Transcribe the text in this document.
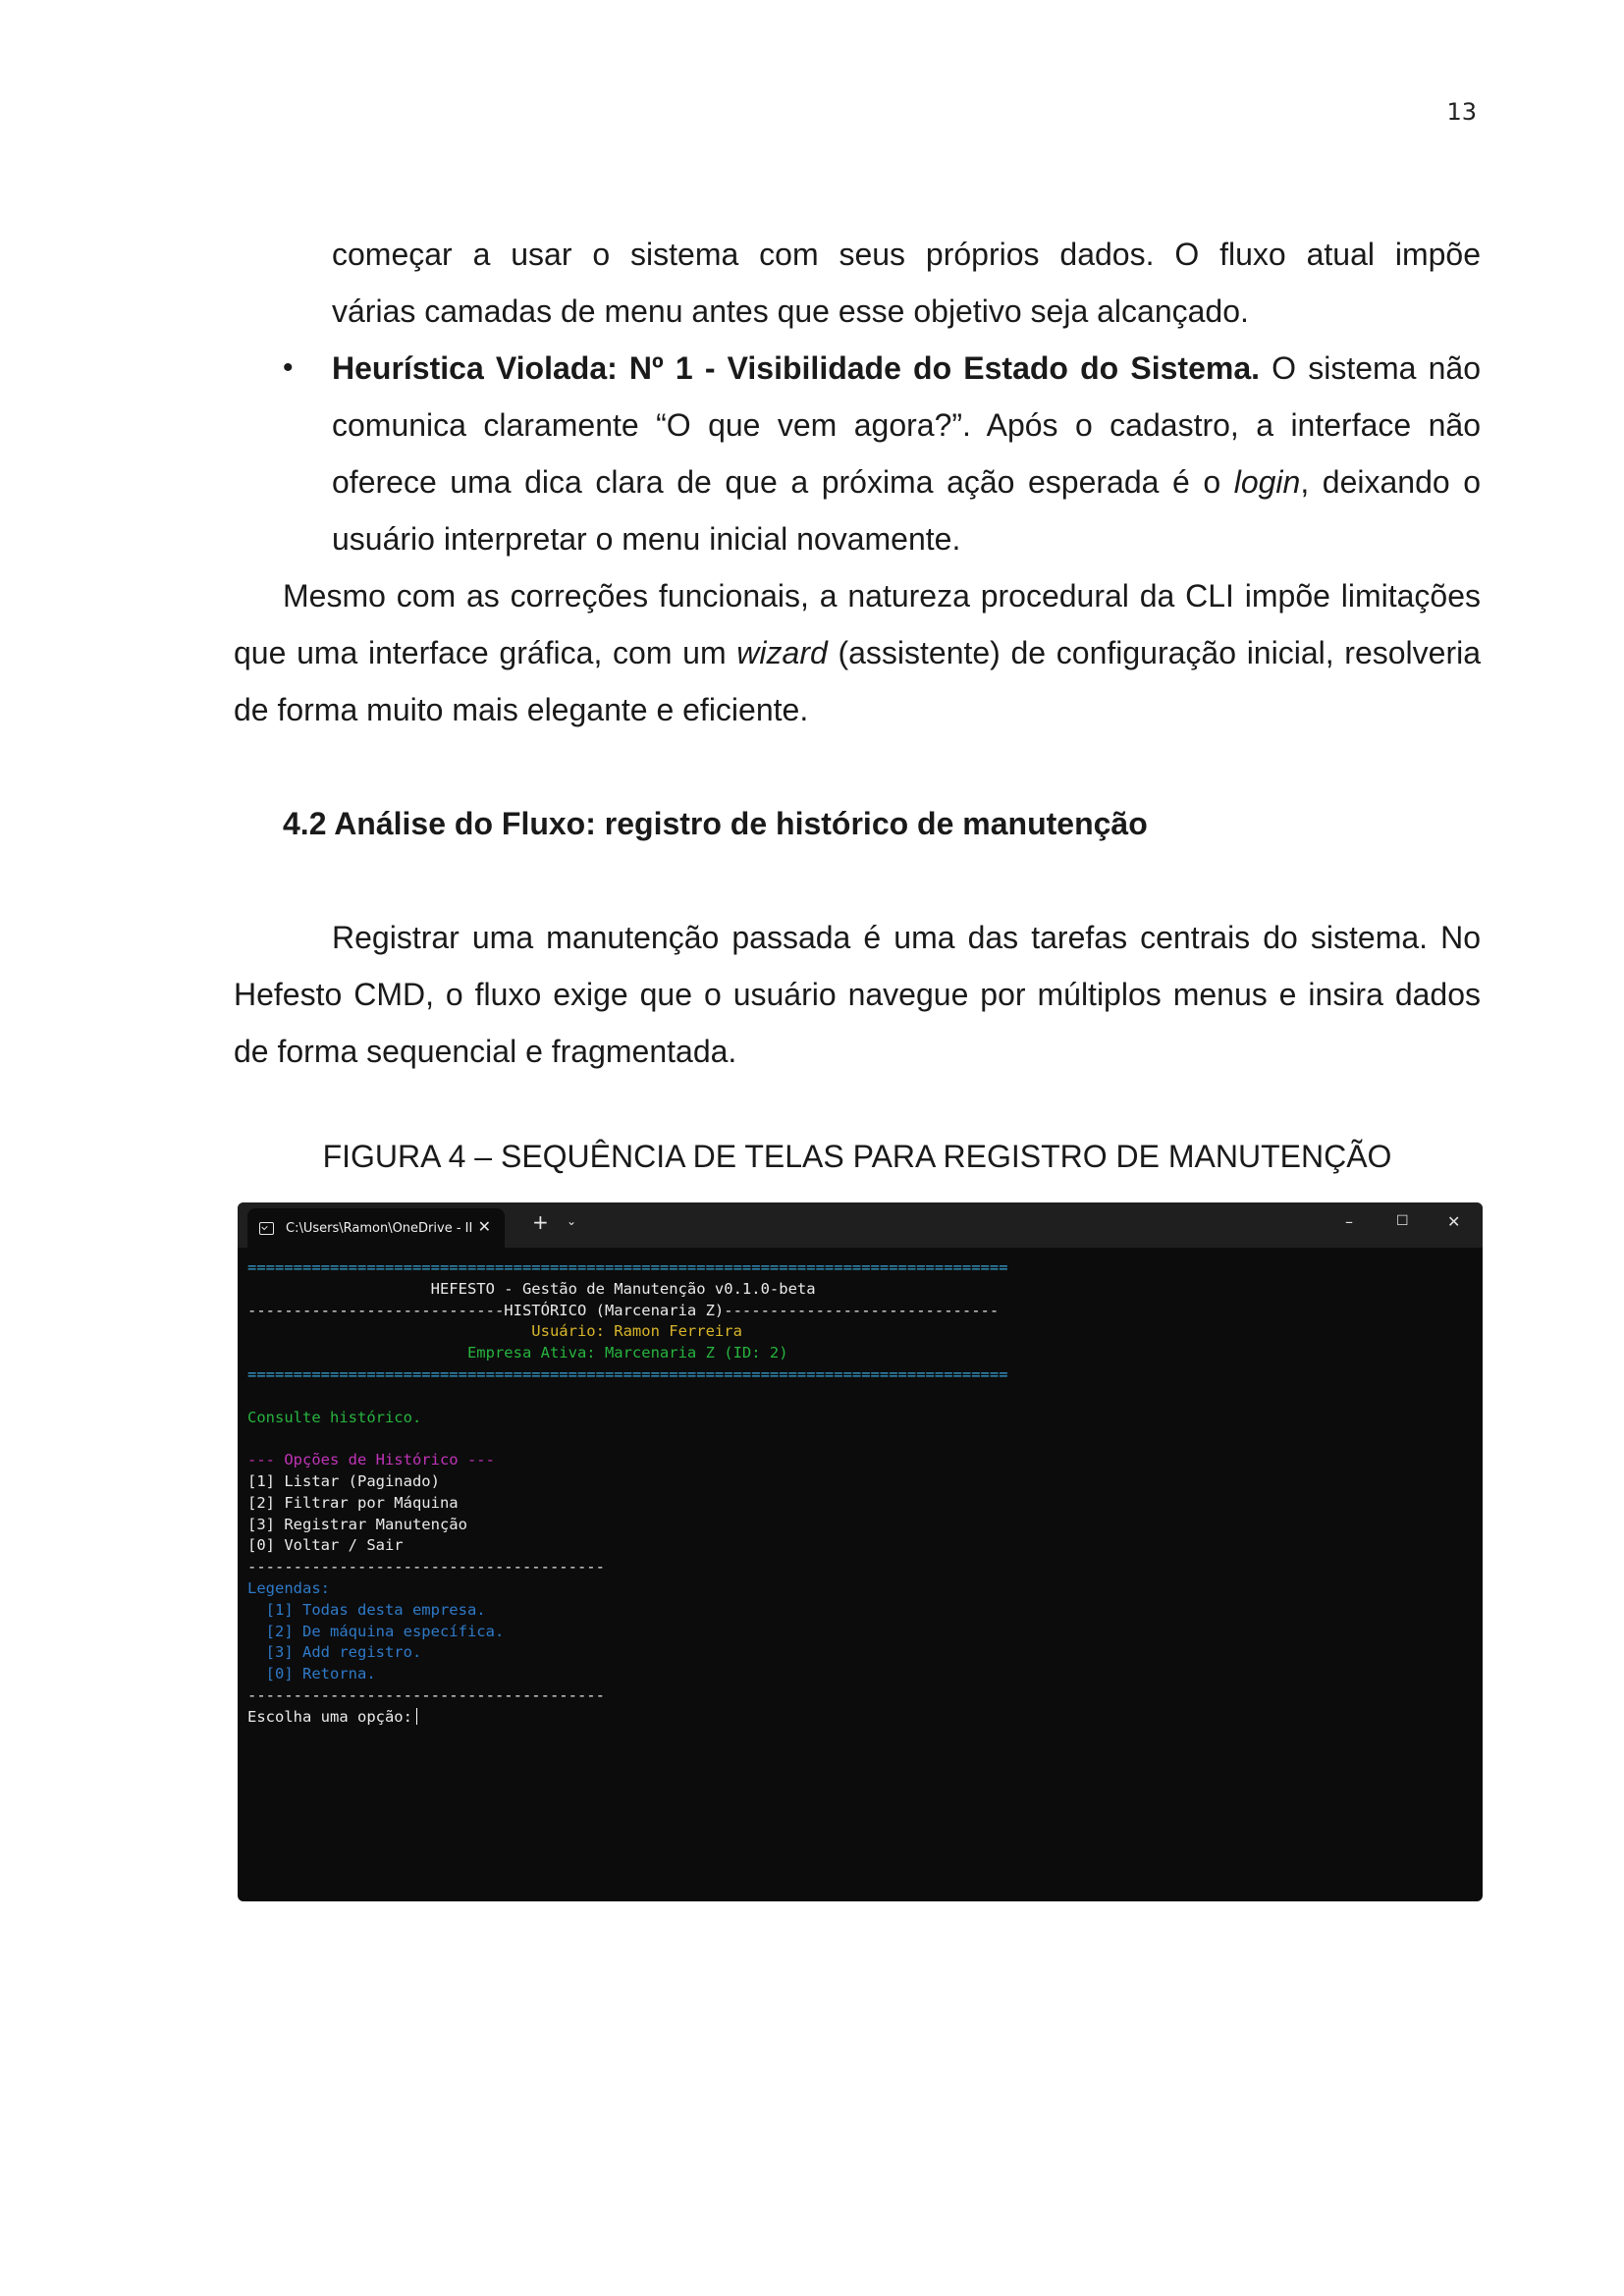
13

começar a usar o sistema com seus próprios dados. O fluxo atual impõe
várias camadas de menu antes que esse objetivo seja alcançado.

• Heurística Violada: Nº 1 - Visibilidade do Estado do Sistema. O sistema não comunica claramente “O que vem agora?”. Após o cadastro, a interface não oferece uma dica clara de que a próxima ação esperada é o login, deixando o usuário interpretar o menu inicial novamente.

Mesmo com as correções funcionais, a natureza procedural da CLI impõe limitações que uma interface gráfica, com um wizard (assistente) de configuração inicial, resolveria de forma muito mais elegante e eficiente.

4.2 Análise do Fluxo: registro de histórico de manutenção

Registrar uma manutenção passada é uma das tarefas centrais do sistema. No Hefesto CMD, o fluxo exige que o usuário navegue por múltiplos menus e insira dados de forma sequencial e fragmentada.

FIGURA 4 – SEQUÊNCIA DE TELAS PARA REGISTRO DE MANUTENÇÃO
C:\Users\Ramon\OneDrive - II ✕ + ⌄	–	☐ ✕
===================================================================================
HEFESTO - Gestão de Manutenção v0.1.0-beta
----------------------------HISTÓRICO (Marcenaria Z)------------------------------
Usuário: Ramon Ferreira
Empresa Ativa: Marcenaria Z (ID: 2)
===================================================================================
Consulte histórico.
--- Opções de Histórico ---
[1] Listar (Paginado)
[2] Filtrar por Máquina
[3] Registrar Manutenção
[0] Voltar / Sair
---------------------------------------
Legendas:
[1] Todas desta empresa.
[2] De máquina específica.
[3] Add registro.
[0] Retorna.
---------------------------------------
Escolha uma opção:
